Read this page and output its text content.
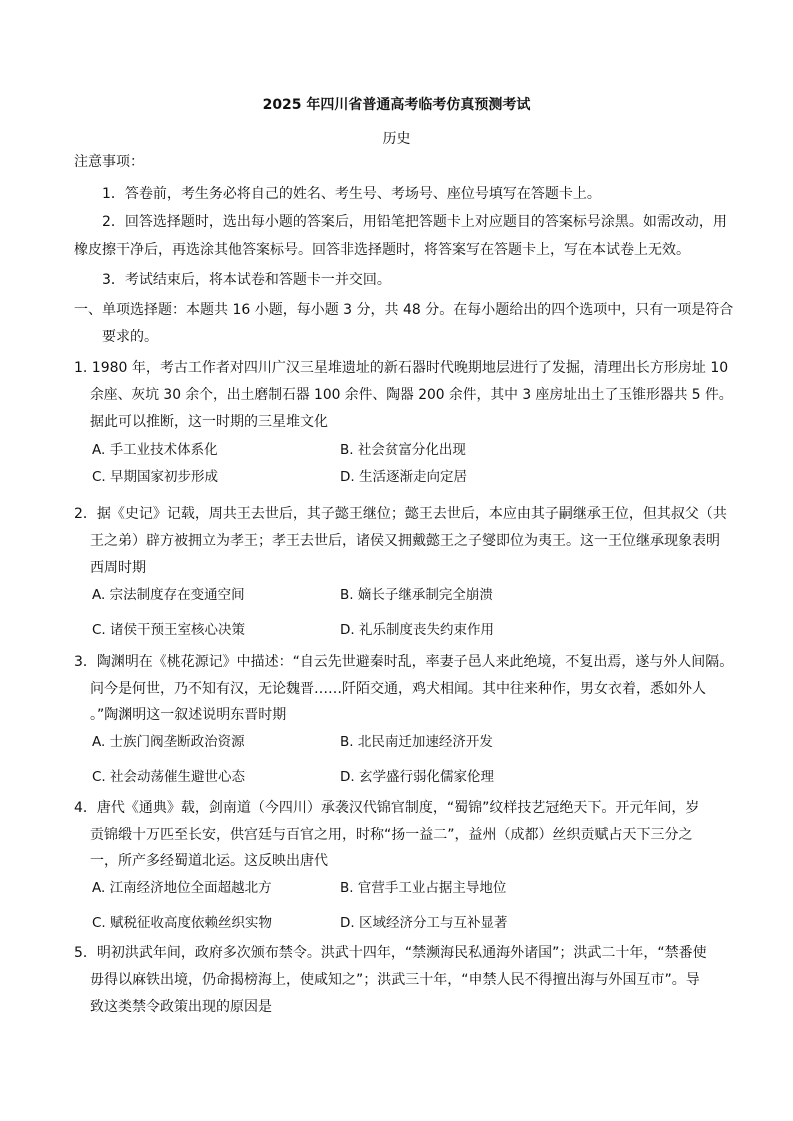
2025 年四川省普通高考临考仿真预测考试
历史
注意事项：
1．答卷前，考生务必将自己的姓名、考生号、考场号、座位号填写在答题卡上。
2．回答选择题时，选出每小题的答案后，用铅笔把答题卡上对应题目的答案标号涂黑。如需改动，用
橡皮擦干净后，再选涂其他答案标号。回答非选择题时，将答案写在答题卡上，写在本试卷上无效。
3．考试结束后，将本试卷和答题卡一并交回。
一、单项选择题：本题共 16 小题，每小题 3 分，共 48 分。在每小题给出的四个选项中，只有一项是符合
要求的。
1. 1980 年，考古工作者对四川广汉三星堆遗址的新石器时代晚期地层进行了发掘，清理出长方形房址 10
余座、灰坑 30 余个，出土磨制石器 100 余件、陶器 200 余件，其中 3 座房址出土了玉锥形器共 5 件。
据此可以推断，这一时期的三星堆文化
A. 手工业技术体系化	B. 社会贫富分化出现
C. 早期国家初步形成	D. 生活逐渐走向定居
2．据《史记》记载，周共王去世后，其子懿王继位；懿王去世后，本应由其子嗣继承王位，但其叔父（共
王之弟）辟方被拥立为孝王；孝王去世后，诸侯又拥戴懿王之子燮即位为夷王。这一王位继承现象表明
西周时期
A. 宗法制度存在变通空间	B. 嫡长子继承制完全崩溃
C. 诸侯干预王室核心决策	D. 礼乐制度丧失约束作用
3．陶渊明在《桃花源记》中描述：“自云先世避秦时乱，率妻子邑人来此绝境，不复出焉，遂与外人间隔。
问今是何世，乃不知有汉，无论魏晋……阡陌交通，鸡犬相闻。其中往来种作，男女衣着，悉如外人
。”陶渊明这一叙述说明东晋时期
A. 士族门阀垄断政治资源	B. 北民南迁加速经济开发
C. 社会动荡催生避世心态	D. 玄学盛行弱化儒家伦理
4．唐代《通典》载，剑南道（今四川）承袭汉代锦官制度，“蜀锦”纹样技艺冠绝天下。开元年间，岁
贡锦缎十万匹至长安，供宫廷与百官之用，时称“扬一益二”，益州（成都）丝织贡赋占天下三分之
一，所产多经蜀道北运。这反映出唐代
A. 江南经济地位全面超越北方	B. 官营手工业占据主导地位
C. 赋税征收高度依赖丝织实物	D. 区域经济分工与互补显著
5．明初洪武年间，政府多次颁布禁令。洪武十四年，“禁濒海民私通海外诸国”；洪武二十年，“禁番使
毋得以麻铁出境，仍命揭榜海上，使咸知之”；洪武三十年，“申禁人民不得擅出海与外国互市”。导
致这类禁令政策出现的原因是
